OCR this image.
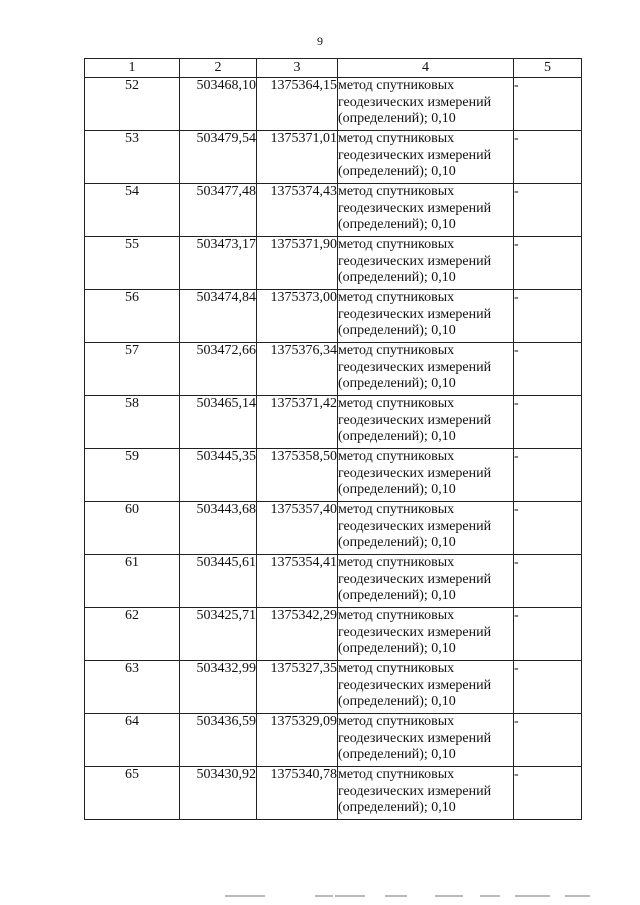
9
1	2	3	4	5
52	503468,10	1375364,15	метод спутниковых геодезических измерений (определений); 0,10	-
53	503479,54	1375371,01	метод спутниковых геодезических измерений (определений); 0,10	-
54	503477,48	1375374,43	метод спутниковых геодезических измерений (определений); 0,10	-
55	503473,17	1375371,90	метод спутниковых геодезических измерений (определений); 0,10	-
56	503474,84	1375373,00	метод спутниковых геодезических измерений (определений); 0,10	-
57	503472,66	1375376,34	метод спутниковых геодезических измерений (определений); 0,10	-
58	503465,14	1375371,42	метод спутниковых геодезических измерений (определений); 0,10	-
59	503445,35	1375358,50	метод спутниковых геодезических измерений (определений); 0,10	-
60	503443,68	1375357,40	метод спутниковых геодезических измерений (определений); 0,10	-
61	503445,61	1375354,41	метод спутниковых геодезических измерений (определений); 0,10	-
62	503425,71	1375342,29	метод спутниковых геодезических измерений (определений); 0,10	-
63	503432,99	1375327,35	метод спутниковых геодезических измерений (определений); 0,10	-
64	503436,59	1375329,09	метод спутниковых геодезических измерений (определений); 0,10	-
65	503430,92	1375340,78	метод спутниковых геодезических измерений (определений); 0,10	-
